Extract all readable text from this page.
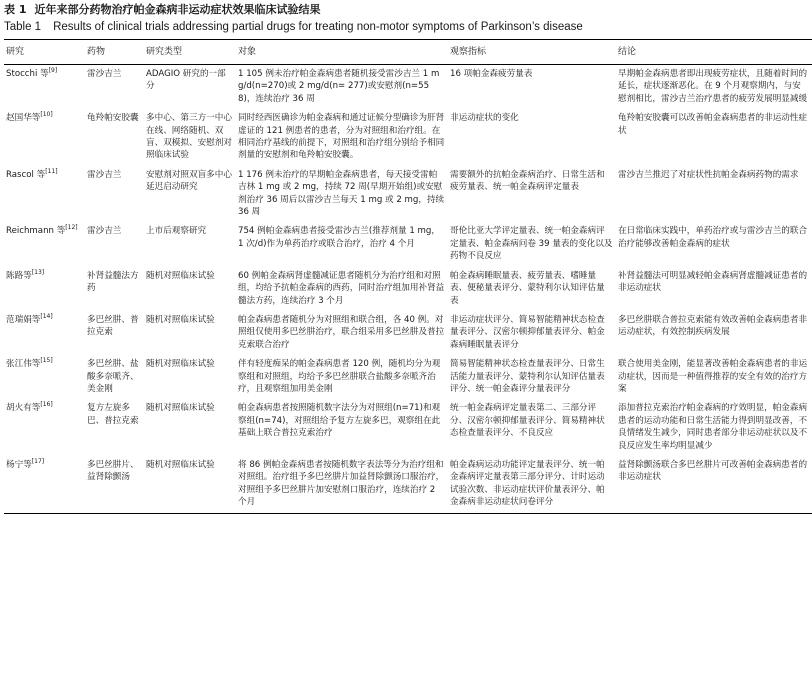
表 1 近年来部分药物治疗帕金森病非运动症状效果临床试验结果
Table 1 Results of clinical trials addressing partial drugs for treating non-motor symptoms of Parkinson’s disease
研究	药物	研究类型	对象	观察指标	结论
Stocchi 等[9]	雷沙吉兰	ADAGIO 研究的一部分	1 105 例未治疗帕金森病患者随机接受雷沙吉兰 1 mg/d(n=270)或 2 mg/d(n= 277)或安慰剂(n=558)，连续治疗 36 周	16 项帕金森疲劳量表	早期帕金森病患者即出现疲劳症状，且随着时间的延长，症状逐渐恶化。在 9 个月观察期内，与安慰剂相比，雷沙吉兰治疗患者的疲劳发展明显减缓
赵国华等[10]	龟羚帕安胶囊	多中心、第三方一中心在线、网络随机、双盲、双模拟、安慰剂对照临床试验	同时经西医确诊为帕金森病和通过证候分型确诊为肝肾虚证的 121 例患者的患者，分为对照组和治疗组。在相同治疗基线的前提下，对照组和治疗组分别给予相同剂量的安慰剂和龟羚帕安胶囊。	非运动症状的变化	龟羚帕安胶囊可以改善帕金森病患者的非运动性症状
Rascol 等[11]	雷沙吉兰	安慰剂对照双盲多中心延迟启动研究	1 176 例未治疗的早期帕金森病患者，每天接受雷帕吉林 1 mg 或 2 mg，持续 72 周(早期开始组)或安慰剂治疗 36 周后以雷沙吉兰每天 1 mg 或 2 mg，持续 36 周	需要额外的抗帕金森病治疗、日常生活和疲劳量表、统一帕金森病评定量表	雷沙吉兰推迟了对症状性抗帕金森病药物的需求
Reichmann 等[12]	雷沙吉兰	上市后观察研究	754 例帕金森病患者接受雷沙吉兰(推荐剂量 1 mg，1 次/d)作为单药治疗或联合治疗，治疗 4 个月	哥伦比亚大学评定量表、统一帕金森病评定量表、帕金森病问卷 39 量表的变化以及药物不良反应	在日常临床实践中，单药治疗或与雷沙吉兰的联合治疗能够改善帕金森病的症状
陈路等[13]	补肾益髓法方药	随机对照临床试验	60 例帕金森病肾虚髓减证患者随机分为治疗组和对照组，均给予抗帕金森病的西药，同时治疗组加用补肾益髓法方药，连续治疗 3 个月	帕金森病睡眠量表、疲劳量表、嗜睡量表、便秘量表评分、蒙特利尔认知评估量表	补肾益髓法可明显减轻帕金森病肾虚髓减证患者的非运动症状
范瑞娟等[14]	多巴丝肼、普拉克索	随机对照临床试验	帕金森病患者随机分为对照组和联合组，各 40 例。对照组仅使用多巴丝肼治疗，联合组采用多巴丝肼及普拉克索联合治疗	非运动症状评分、简易智能精神状态检查量表评分、汉密尔顿抑郁量表评分、帕金森病睡眠量表评分	多巴丝肼联合普拉克索能有效改善帕金森病患者非运动症状，有效控制疾病发展
张江伟等[15]	多巴丝肼、盐酸多奈哌齐、美金刚	随机对照临床试验	伴有轻度痴呆的帕金森病患者 120 例，随机均分为观察组和对照组，均给予多巴丝肼联合盐酸多奈哌齐治疗，且观察组加用美金刚	简易智能精神状态检查量表评分、日常生活能力量表评分、蒙特利尔认知评估量表评分、统一帕金森评分量表评分	联合使用美金刚，能显著改善帕金森病患者的非运动症状，因而是一种值得推荐的安全有效的治疗方案
胡火有等[16]	复方左旋多巴、普拉克索	随机对照临床试验	帕金森病患者按照随机数字法分为对照组(n=71)和观察组(n=74)，对照组给予复方左旋多巴，观察组在此基础上联合普拉克索治疗	统一帕金森病评定量表第二、三部分评分、汉密尔顿抑郁量表评分、简易精神状态检查量表评分、不良反应	添加普拉克索治疗帕金森病的疗效明显，帕金森病患者的运动功能和日常生活能力得到明显改善，不良情绪发生减少，同时患者部分非运动症状以及不良反应发生率均明显减少
杨宁等[17]	多巴丝肼片、益肾除颤汤	随机对照临床试验	将 86 例帕金森病患者按随机数字表法等分为治疗组和对照组。治疗组予多巴丝肼片加益肾除颤汤口服治疗，对照组予多巴丝肼片加安慰剂口服治疗，连续治疗 2 个月	帕金森病运动功能评定量表评分、统一帕金森病评定量表第三部分评分、计时运动试验次数、非运动症状评价量表评分、帕金森病非运动症状问卷评分	益肾除颤汤联合多巴丝肼片可改善帕金森病患者的非运动症状
